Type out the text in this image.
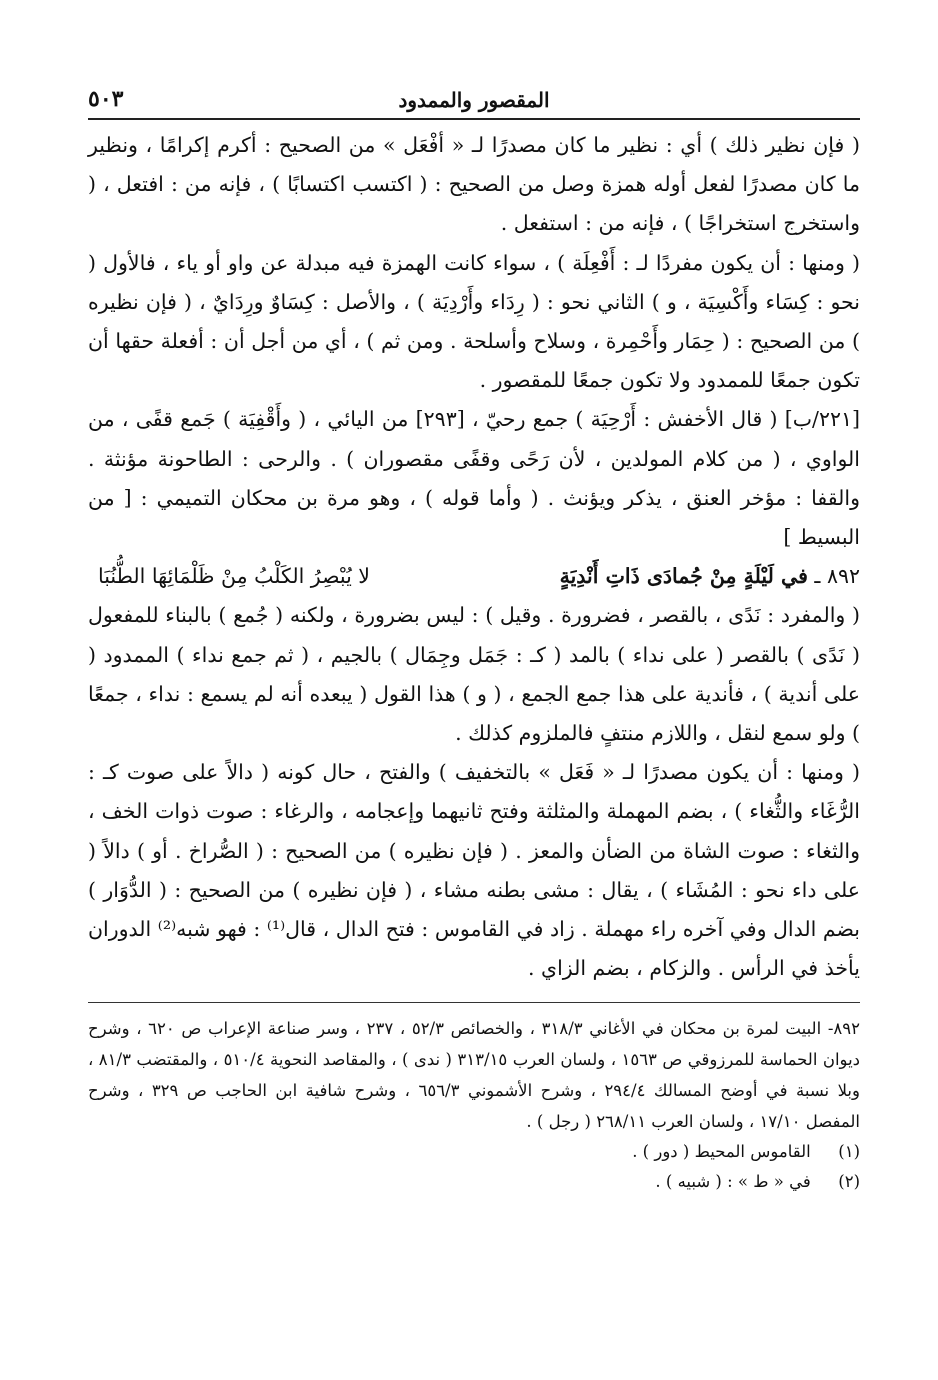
المقصور والممدود
٥٠٣

( فإن نظير ذلك ) أي : نظير ما كان مصدرًا لـ « أفْعَل » من الصحيح : أكرم إكرامًا ، ونظير ما كان مصدرًا لفعل أوله همزة وصل من الصحيح : ( اكتسب اكتسابًا ) ، فإنه من : افتعل ، ( واستخرج استخراجًا ) ، فإنه من : استفعل .

( ومنها : أن يكون مفردًا لـ : أَفْعِلَة ) ، سواء كانت الهمزة فيه مبدلة عن واو أو ياء ، فالأول ( نحو : كِسَاء وأَكْسِيَة ، و ) الثاني نحو : ( رِدَاء وأَرْدِيَة ) ، والأصل : كِسَاوٌ ورِدَايٌ ، ( فإن نظيره ) من الصحيح : ( حِمَار وأَحْمِرة ، وسلاح وأسلحة . ومن ثم ) ، أي من أجل أن : أفعلة حقها أن تكون جمعًا للممدود ولا تكون جمعًا للمقصور .

[٢٢١/ب] ( قال الأخفش : أَرْحِيَة ) جمع رحيّ ، [٢٩٣] من اليائي ، ( وأَقْفِيَة ) جَمع قفًى ، من الواوي ، ( من كلام المولدين ، لأن رَحًى وقفًى مقصوران ) . والرحى : الطاحونة مؤنثة . والقفا : مؤخر العنق ، يذكر ويؤنث . ( وأما قوله ) ، وهو مرة بن محكان التميمي : [ من البسيط ]

٨٩٢ ـ في لَيْلَةٍ مِنْ جُمادَى ذَاتِ أَنْدِيَةٍ
لا يُبْصِرُ الكَلْبُ مِنْ ظَلْمَائِهَا الطُّنُبَا

( والمفرد : نَدًى ، بالقصر ، فضرورة . وقيل ) : ليس بضرورة ، ولكنه ( جُمع ) بالبناء للمفعول ( نَدًى ) بالقصر ( على نداء ) بالمد ( كـ : جَمَل وجِمَال ) بالجيم ، ( ثم جمع نداء ) الممدود ( على أندية ) ، فأندية على هذا جمع الجمع ، ( و ) هذا القول ( يبعده أنه لم يسمع : نداء ، جمعًا ) ولو سمع لنقل ، واللازم منتفٍ فالملزوم كذلك .

( ومنها : أن يكون مصدرًا لـ « فَعَل » بالتخفيف ) والفتح ، حال كونه ( دالاً على صوت كـ : الرُّغَاء والثُّغاء ) ، بضم المهملة والمثلثة وفتح ثانيهما وإعجامه ، والرغاء : صوت ذوات الخف ، والثغاء : صوت الشاة من الضأن والمعز . ( فإن نظيره ) من الصحيح : ( الصُّراخ . أو ) دالاً ( على داء نحو : المُشَاء ) ، يقال : مشى بطنه مشاء ، ( فإن نظيره ) من الصحيح : ( الدُّوَار ) بضم الدال وفي آخره راء مهملة . زاد في القاموس : فتح الدال ، قال⁽¹⁾ : فهو شبه⁽²⁾ الدوران يأخذ في الرأس . والزكام ، بضم الزاي .

٨٩٢- البيت لمرة بن محكان في الأغاني ٣١٨/٣ ، والخصائص ٥٢/٣ ، ٢٣٧ ، وسر صناعة الإعراب ص ٦٢٠ ، وشرح ديوان الحماسة للمرزوقي ص ١٥٦٣ ، ولسان العرب ٣١٣/١٥ ( ندى ) ، والمقاصد النحوية ٥١٠/٤ ، والمقتضب ٨١/٣ ، وبلا نسبة في أوضح المسالك ٢٩٤/٤ ، وشرح الأشموني ٦٥٦/٣ ، وشرح شافية ابن الحاجب ص ٣٢٩ ، وشرح المفصل ١٧/١٠ ، ولسان العرب ٢٦٨/١١ ( رجل ) .

(١) القاموس المحيط ( دور ) .

(٢) في « ط » : ( شبيه ) .
